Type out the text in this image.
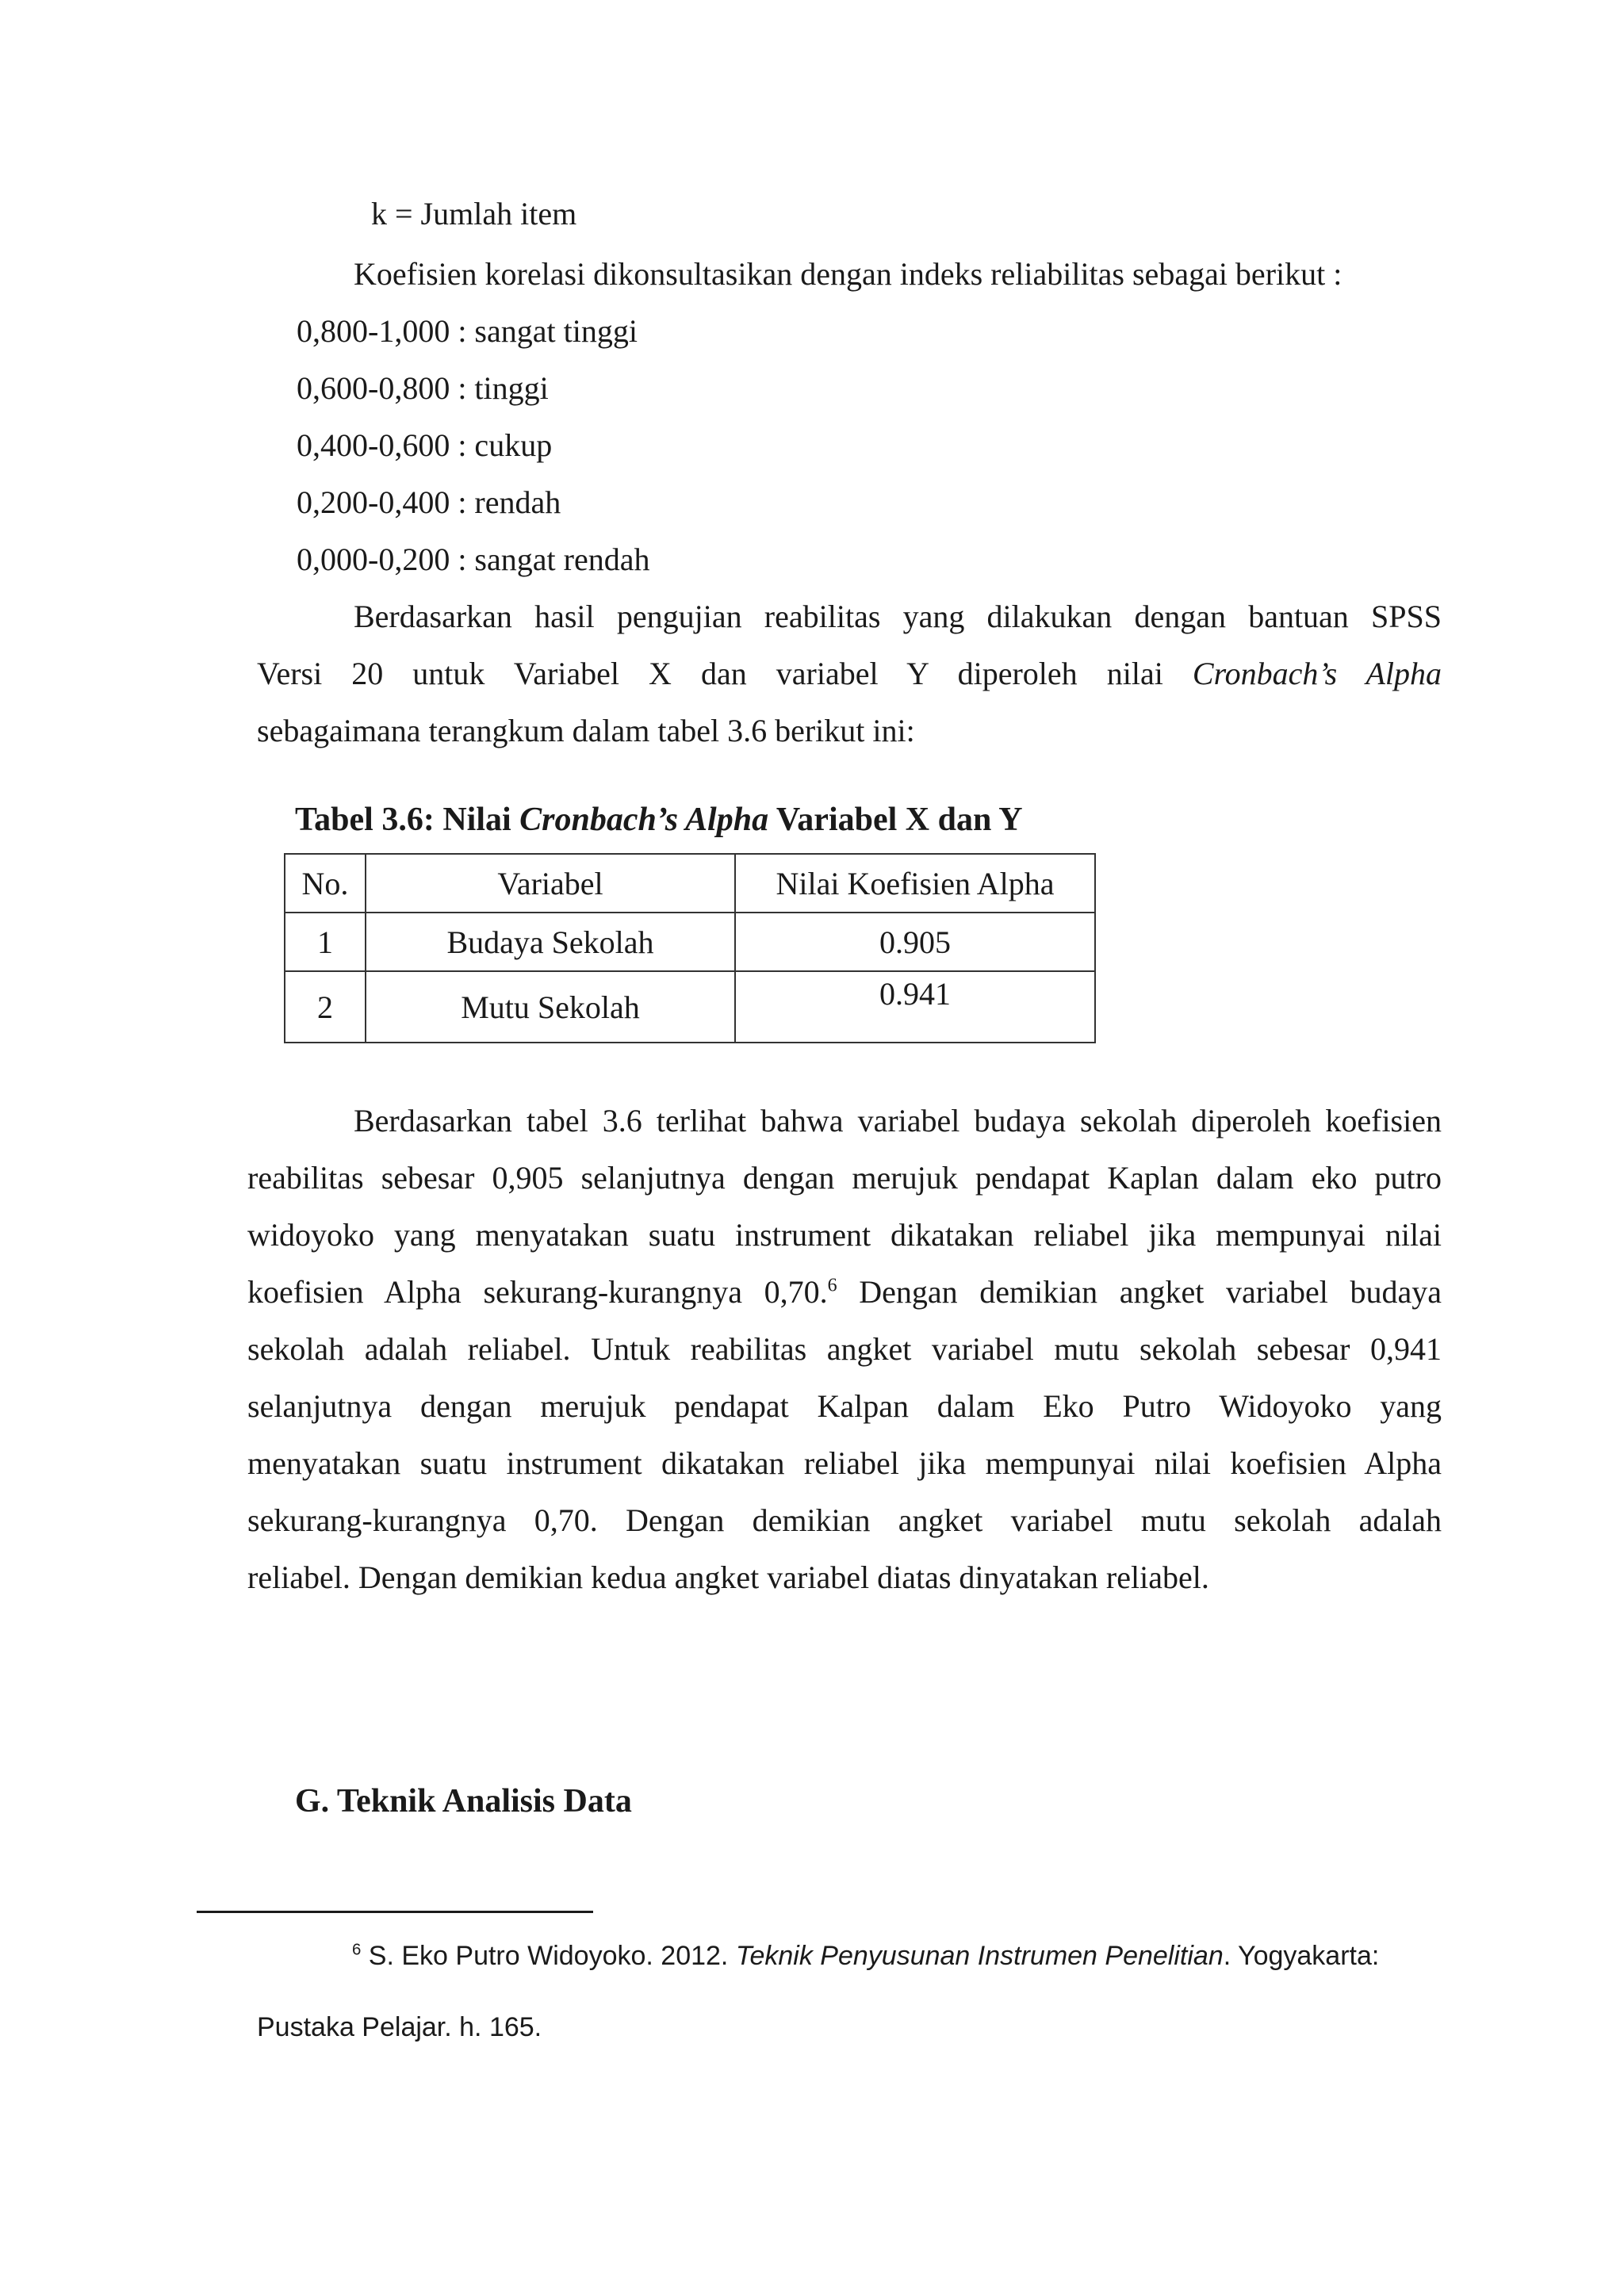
k = Jumlah item
Koefisien korelasi dikonsultasikan dengan indeks reliabilitas sebagai berikut :
0,800-1,000 : sangat tinggi
0,600-0,800 : tinggi
0,400-0,600 : cukup
0,200-0,400 : rendah
0,000-0,200 : sangat rendah
Berdasarkan hasil pengujian reabilitas yang dilakukan dengan bantuan SPSS
Versi 20 untuk Variabel X dan variabel Y diperoleh nilai Cronbach’s Alpha
sebagaimana terangkum dalam tabel 3.6 berikut ini:
Tabel 3.6: Nilai Cronbach’s Alpha Variabel X dan Y
No.	Variabel	Nilai Koefisien Alpha
1	Budaya Sekolah	0.905
2	Mutu Sekolah	0.941
Berdasarkan tabel 3.6 terlihat bahwa variabel budaya sekolah diperoleh koefisien
reabilitas sebesar 0,905 selanjutnya dengan merujuk pendapat Kaplan dalam eko putro
widoyoko yang menyatakan suatu instrument dikatakan reliabel jika mempunyai nilai
koefisien Alpha sekurang-kurangnya 0,70.$^6$ Dengan demikian angket variabel budaya
sekolah adalah reliabel. Untuk reabilitas angket variabel mutu sekolah sebesar 0,941
selanjutnya dengan merujuk pendapat Kalpan dalam Eko Putro Widoyoko yang
menyatakan suatu instrument dikatakan reliabel jika mempunyai nilai koefisien Alpha
sekurang-kurangnya 0,70. Dengan demikian angket variabel mutu sekolah adalah
reliabel. Dengan demikian kedua angket variabel diatas dinyatakan reliabel.
G. Teknik Analisis Data
$^6$ S. Eko Putro Widoyoko. 2012. Teknik Penyusunan Instrumen Penelitian. Yogyakarta:
Pustaka Pelajar. h. 165.
